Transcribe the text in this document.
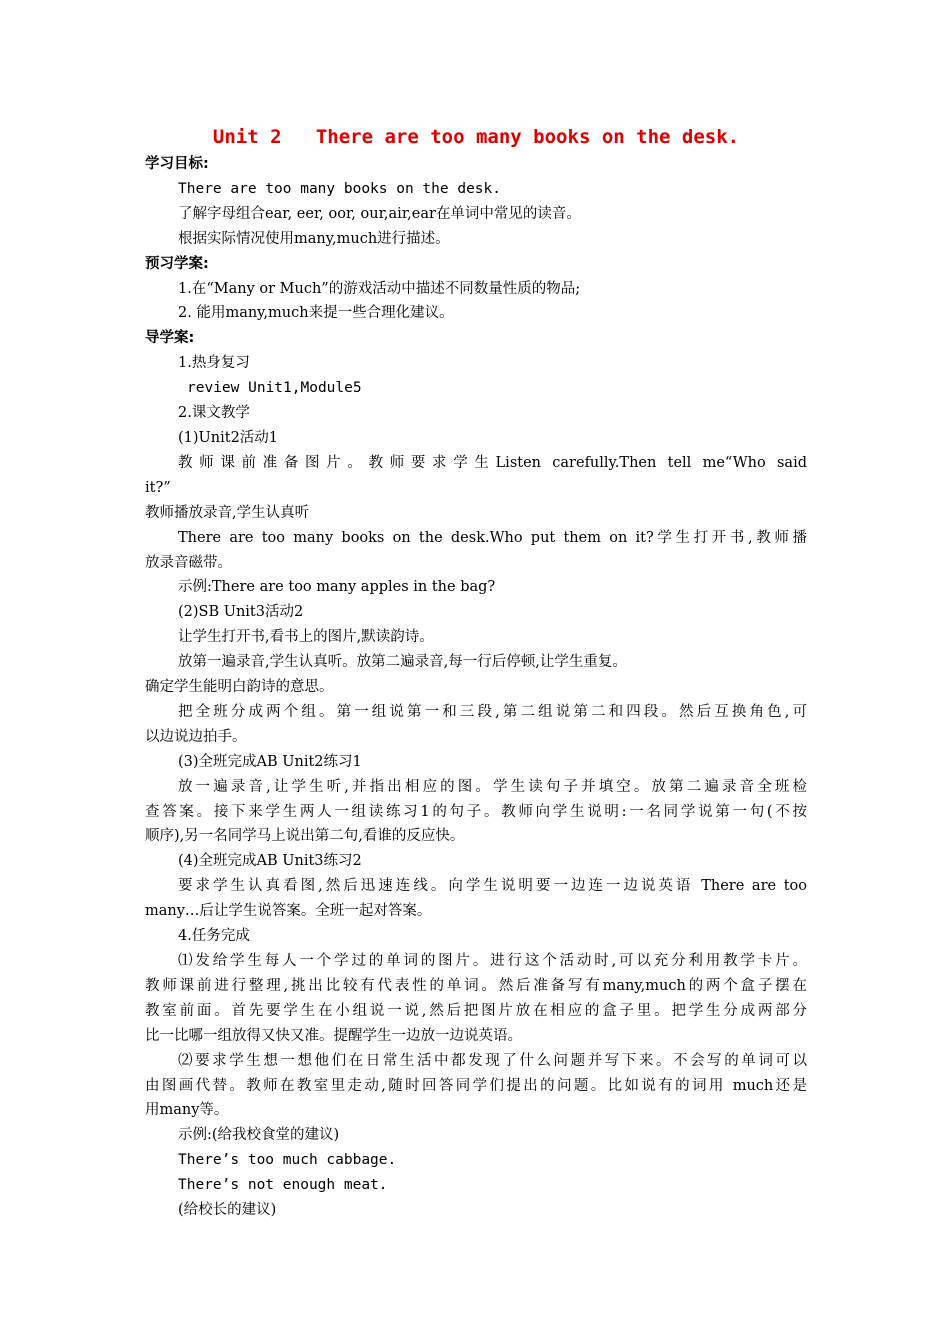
Unit 2   There are too many books on the desk.
学习目标:
There are too many books on the desk.
了解字母组合ear, eer, oor, our,air,ear在单词中常见的读音。
根据实际情况使用many,much进行描述。
预习学案:
1.在“Many or Much”的游戏活动中描述不同数量性质的物品;
2. 能用many,much来提一些合理化建议。
导学案:
1.热身复习
review Unit1,Module5
2.课文教学
(1)Unit2活动1
教师课前准备图片。教师要求学生Listen carefully.Then tell me“Who said
it?”
教师播放录音,学生认真听
There are too many books on the desk.Who put them on it?学生打开书,教师播
放录音磁带。
示例:There are too many apples in the bag?
(2)SB Unit3活动2
让学生打开书,看书上的图片,默读韵诗。
放第一遍录音,学生认真听。放第二遍录音,每一行后停顿,让学生重复。
确定学生能明白韵诗的意思。
把全班分成两个组。第一组说第一和三段,第二组说第二和四段。然后互换角色,可
以边说边拍手。
(3)全班完成AB Unit2练习1
放一遍录音,让学生听,并指出相应的图。学生读句子并填空。放第二遍录音全班检
查答案。接下来学生两人一组读练习1的句子。教师向学生说明:一名同学说第一句(不按
顺序),另一名同学马上说出第二句,看谁的反应快。
(4)全班完成AB Unit3练习2
要求学生认真看图,然后迅速连线。向学生说明要一边连一边说英语 There are too
many…后让学生说答案。全班一起对答案。
4.任务完成
⑴发给学生每人一个学过的单词的图片。进行这个活动时,可以充分利用教学卡片。
教师课前进行整理,挑出比较有代表性的单词。然后准备写有many,much的两个盒子摆在
教室前面。首先要学生在小组说一说,然后把图片放在相应的盒子里。把学生分成两部分
比一比哪一组放得又快又准。提醒学生一边放一边说英语。
⑵要求学生想一想他们在日常生活中都发现了什么问题并写下来。不会写的单词可以
由图画代替。教师在教室里走动,随时回答同学们提出的问题。比如说有的词用 much还是
用many等。
示例:(给我校食堂的建议)
There’s too much cabbage.
There’s not enough meat.
(给校长的建议)
